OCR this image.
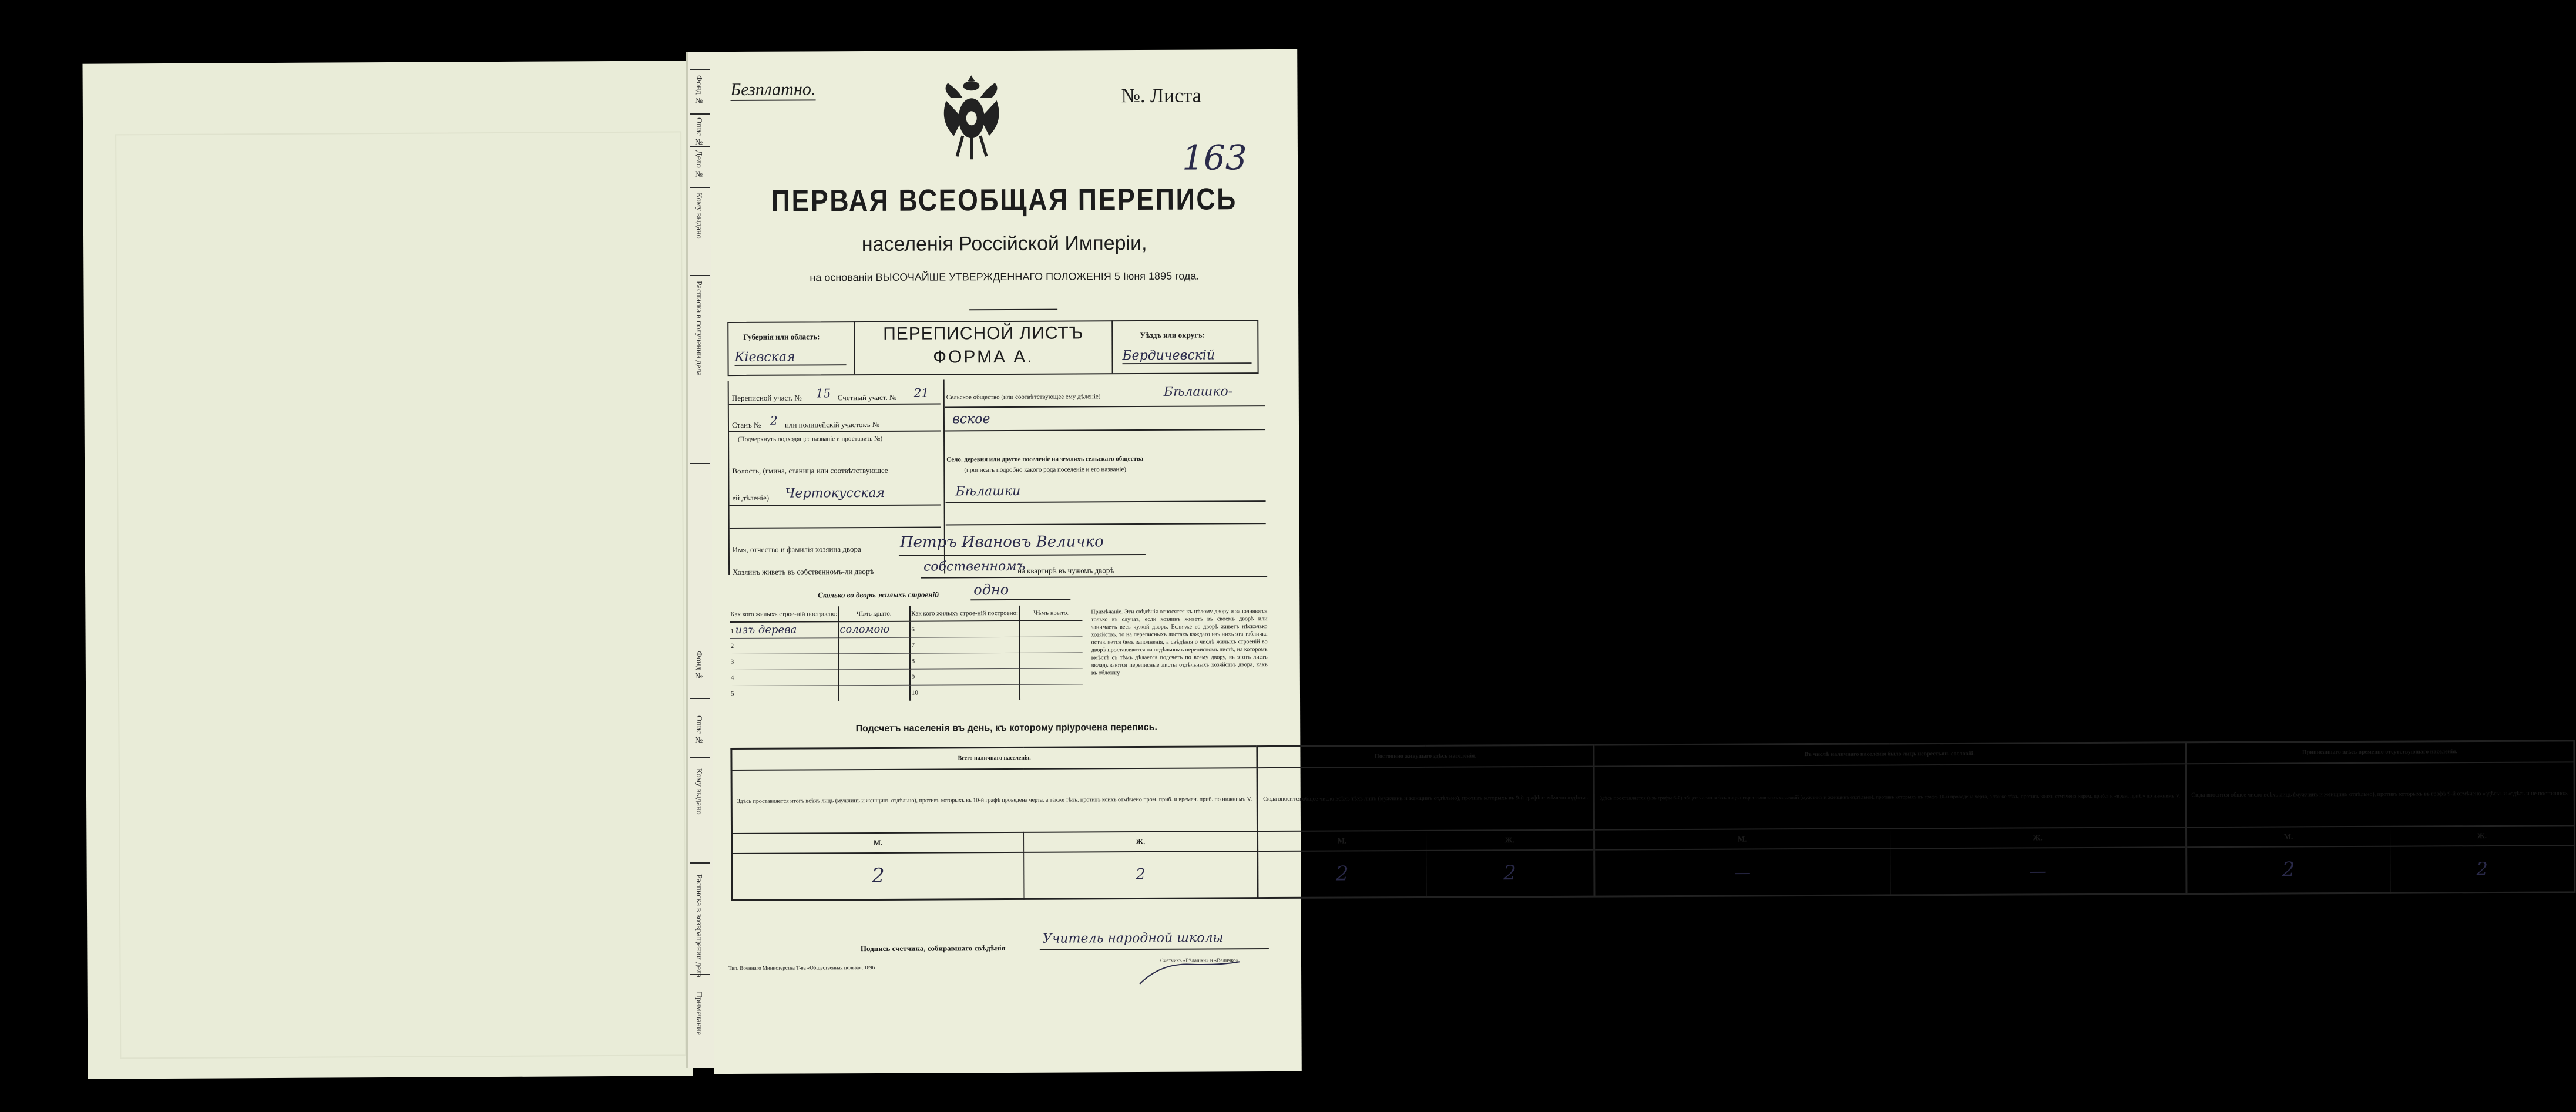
Фонд №
Опис №
Дело №
Кому выдано
Расписка в получении дела
Фонд №
Опис №
Кому выдано
Расписка в возвращении дела
Примечание
Безплатно.	№. Листа
163
ПЕРВАЯ ВСЕОБЩАЯ ПЕРЕПИСЬ
населенія Россійской Имперіи,
на основаніи ВЫСОЧАЙШЕ УТВЕРЖДЕННАГО ПОЛОЖЕНІЯ 5 Іюня 1895 года.
Губернія или область:
Кіевская
ПЕРЕПИСНОЙ ЛИСТЪ
ФОРМА А.
Уѣздъ или округъ:
Бердичевскій
Переписной участ. № 15 Счетный участ. № 21
Станъ № 2 или полицейскій участокъ №
(Подчеркнуть подходящее названіе и проставить №)
Волость, (гмина, станица или соотвѣтствующее
ей дѣленіе) Чертокусская
Сельское общество (или соотвѣтствующее ему дѣленіе)	Бѣлашко-
вское
Село, деревня или другое поселеніе на земляхъ сельскаго общества
(прописать подробно какого рода поселеніе и его названіе).
Бѣлашки
Имя, отчество и фамилія хозяина двора	Петръ Ивановъ Величко
Хозяинъ живетъ въ собственномъ-ли дворѣ	собственномъ
на квартирѣ въ чужомъ дворѣ
Сколько во дворѣ жилыхъ строеній одно
Как кого жилыхъ строе-ній построено:	Чѣмъ крыто.	Как кого жилыхъ строе-ній построено:	Чѣмъ крыто.
1 изъ дерева	соломою	6	
2		7	
3		8	
4		9	
5		10	
Примѣчаніе. Эти свѣдѣнія относятся къ цѣлому двору и заполняются только въ случаѣ, если хозяинъ живетъ въ своемъ дворѣ или занимаетъ весь чужой дворъ. Если-же во дворѣ живетъ нѣсколько хозяйствъ, то на переписныхъ листахъ каждаго изъ нихъ эта табличка оставляется безъ заполненія, а свѣдѣнія о числѣ жилыхъ строеній во дворѣ проставляются на отдѣльномъ переписномъ листѣ, на которомъ вмѣстѣ съ тѣмъ дѣлается подсчетъ по всему двору, въ этотъ листъ вкладываются переписные листы отдѣльныхъ хозяйствъ двора, какъ въ обложку.
Подсчетъ населенія въ день, къ которому пріурочена перепись.
Всего наличнаго населенія.		Постоянно живущаго здѣсь населенія.		Въ числѣ наличнаго населенія было лицъ неврестьян. сословій.		Приписаннаго здѣсь временно отсутствующаго населенія.	
Здѣсь проставляется итогъ всѣхъ лицъ (мужчинъ и женщинъ отдѣльно), противъ которыхъ въ 10-й графѣ проведена черта, а также тѣхъ, противъ коихъ отмѣчено пром. приб. и времен. приб. по нижнимъ V.		Сюда вносится общее число всѣхъ тѣхъ лицъ (мужчинъ и женщинъ отдѣльно), противъ которыхъ въ 9-й графѣ отмѣчено «здѣсь».		Здѣсь проставляется (изъ графы 6-й) общее число всѣхъ лицъ некрестьянскихъ сословій (мужчинъ и женщинъ отдѣльно), противъ которыхъ въ графѣ 10-й проведена черта, а также тѣхъ, противъ коихъ отмѣчено «врем. приб.» и «врем. приб.» по нижнимъ V.		Сюда вносится общее число всѣхъ лицъ (мужчинъ и женщинъ отдѣльно), противъ которыхъ въ графѣ 9-й отмѣчено «здѣсь» и «здѣсь и не постоянно».	
М.	Ж.	М.	Ж.	М.	Ж.	М.	Ж.
2	2	2	2	—	—	2	2
Подпись счетчика, собиравшаго свѣдѣнія
Учитель народной школы
Тип. Военнаго Министерства Т-ва «Общественная польза», 1896
Счетчикъ «Бѣлашки» и «Величко»
